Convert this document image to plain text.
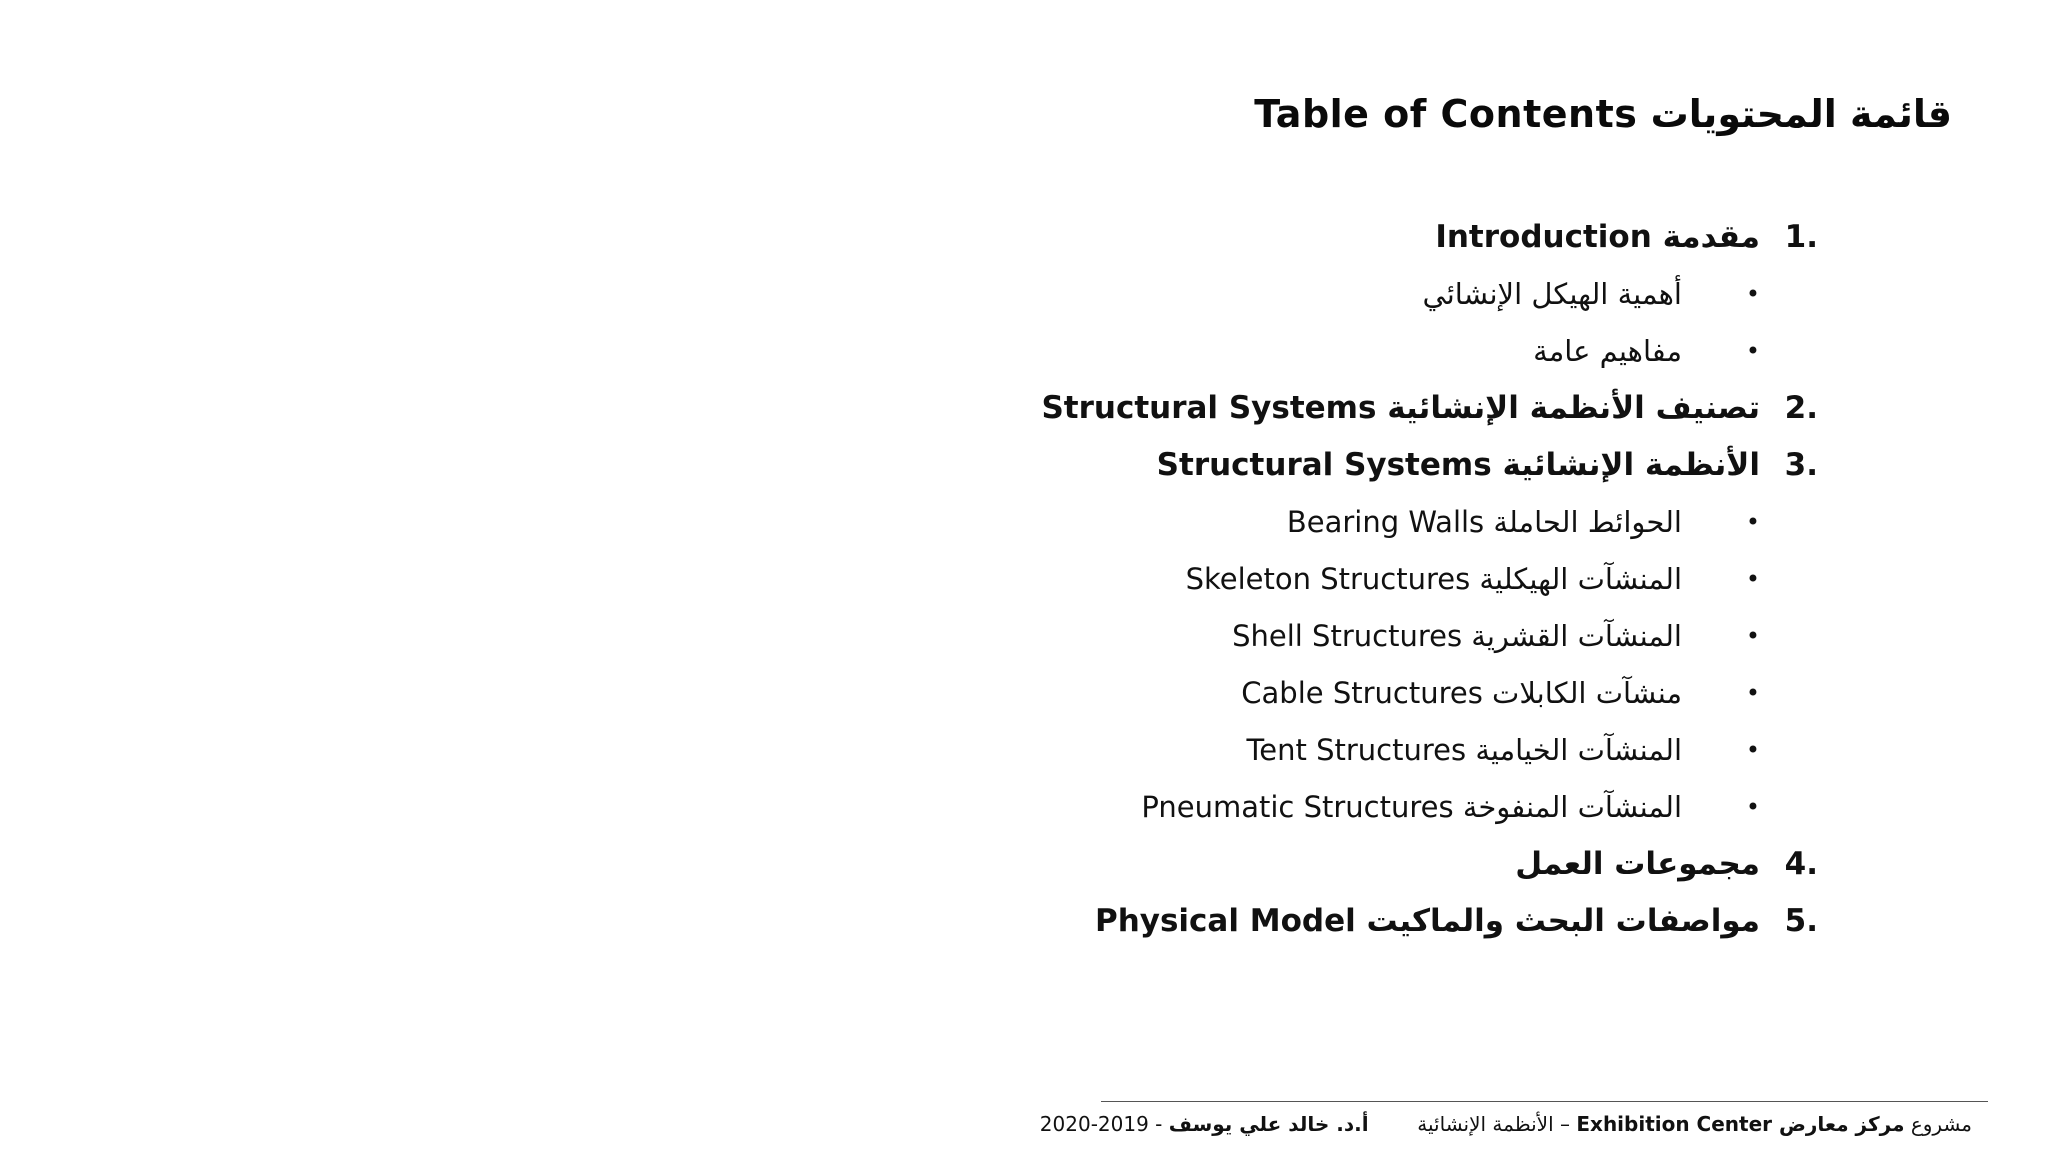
قائمة المحتويات Table of Contents
1.
مقدمة Introduction
•
أهمية الهيكل الإنشائي
•
مفاهيم عامة
2.
تصنيف الأنظمة الإنشائية Structural Systems
3.
الأنظمة الإنشائية Structural Systems
•
الحوائط الحاملة Bearing Walls
•
المنشآت الهيكلية Skeleton Structures
•
المنشآت القشرية Shell Structures
•
منشآت الكابلات Cable Structures
•
المنشآت الخيامية Tent Structures
•
المنشآت المنفوخة Pneumatic Structures
4.
مجموعات العمل
5.
مواصفات البحث والماكيت Physical Model
مشروع مركز معارض Exhibition Center – الأنظمة الإنشائية  أ.د. خالد علي يوسف - 2019-2020
